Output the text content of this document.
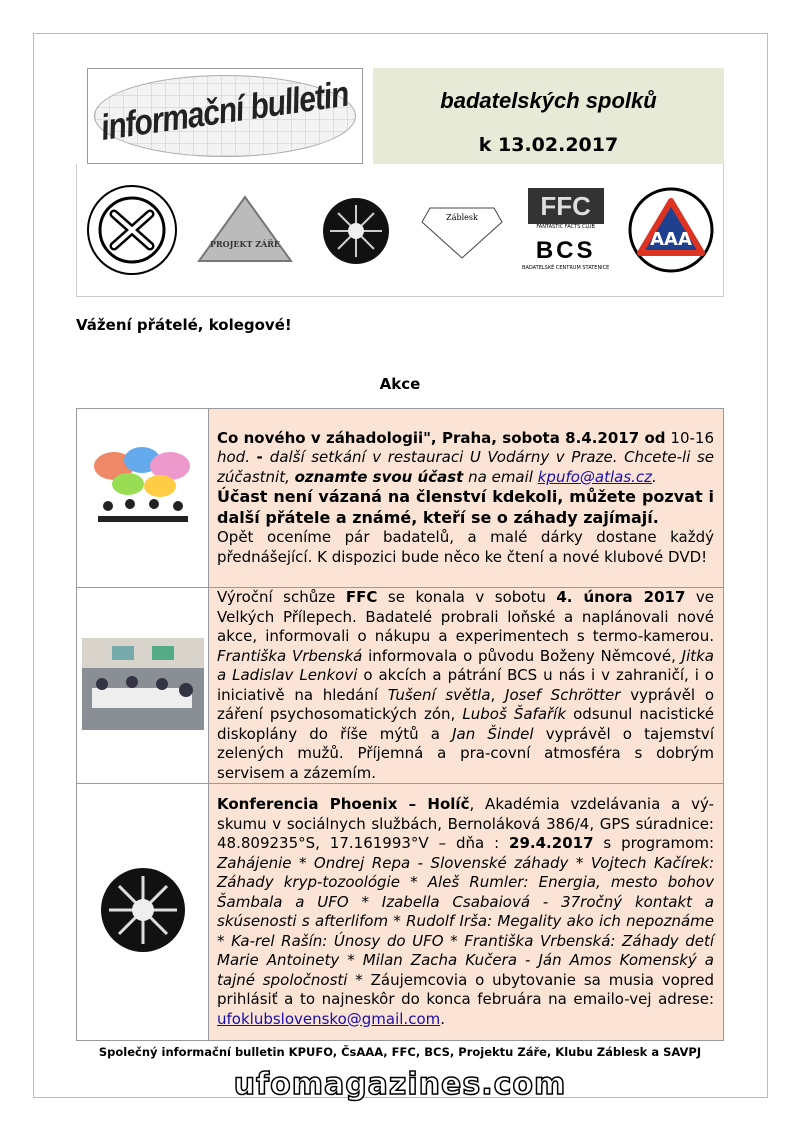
informační bulletin	badatelských spolků
k 13.02.2017
PROJEKT ZÁŘE
Záblesk	FFC
FANTASTIC FACTS CLUB
BCS
BADATELSKÉ CENTRUM STATENICE
AAA
Vážení přátelé, kolegové!
Akce
	Co nového v záhadologii", Praha, sobota 8.4.2017 od 10-16 hod. - další setkání v restauraci U Vodárny v Praze. Chcete-li se zúčastnit, oznamte svou účast na email kpufo@atlas.cz.
Účast není vázaná na členství kdekoli, můžete pozvat i další přátele a známé, kteří se o záhady zajímají.
Opět oceníme pár badatelů, a malé dárky dostane každý přednášející. K dispozici bude něco ke čtení a nové klubové DVD!
	Výroční schůze FFC se konala v sobotu 4. února 2017 ve Velkých Přílepech. Badatelé probrali loňské a naplánovali nové akce, informovali o nákupu a experimentech s termo-kamerou. Františka Vrbenská informovala o původu Boženy Němcové, Jitka a Ladislav Lenkovi o akcích a pátrání BCS u nás i v zahraničí, i o iniciativě na hledání Tušení světla, Josef Schrötter vyprávěl o záření psychosomatických zón, Luboš Šafařík odsunul nacistické diskoplány do říše mýtů a Jan Šindel vyprávěl o tajemství zelených mužů. Příjemná a pra-covní atmosféra s dobrým servisem a zázemím.
	Konferencia Phoenix – Holíč, Akadémia vzdelávania a vý-skumu v sociálnych službách, Bernoláková 386/4, GPS súradnice: 48.809235°S, 17.161993°V – dňa : 29.4.2017 s programom: Zahájenie * Ondrej Repa - Slovenské záhady * Vojtech Kačírek: Záhady kryp-tozoológie * Aleš Rumler: Energia, mesto bohov Šambala a UFO * Izabella Csabaiová - 37ročný kontakt a skúsenosti s afterlifom * Rudolf Irša: Megality ako ich nepoznáme * Ka-rel Rašín: Únosy do UFO * Františka Vrbenská: Záhady detí Marie Antoinety * Milan Zacha Kučera - Ján Amos Komenský a tajné spoločnosti * Záujemcovia o ubytovanie sa musia vopred prihlásiť a to najneskôr do konca februára na emailo-vej adrese: ufoklubslovensko@gmail.com.
Společný informační bulletin KPUFO, ČsAAA, FFC, BCS, Projektu Záře, Klubu Záblesk a SAVPJ
ufomagazines.com
